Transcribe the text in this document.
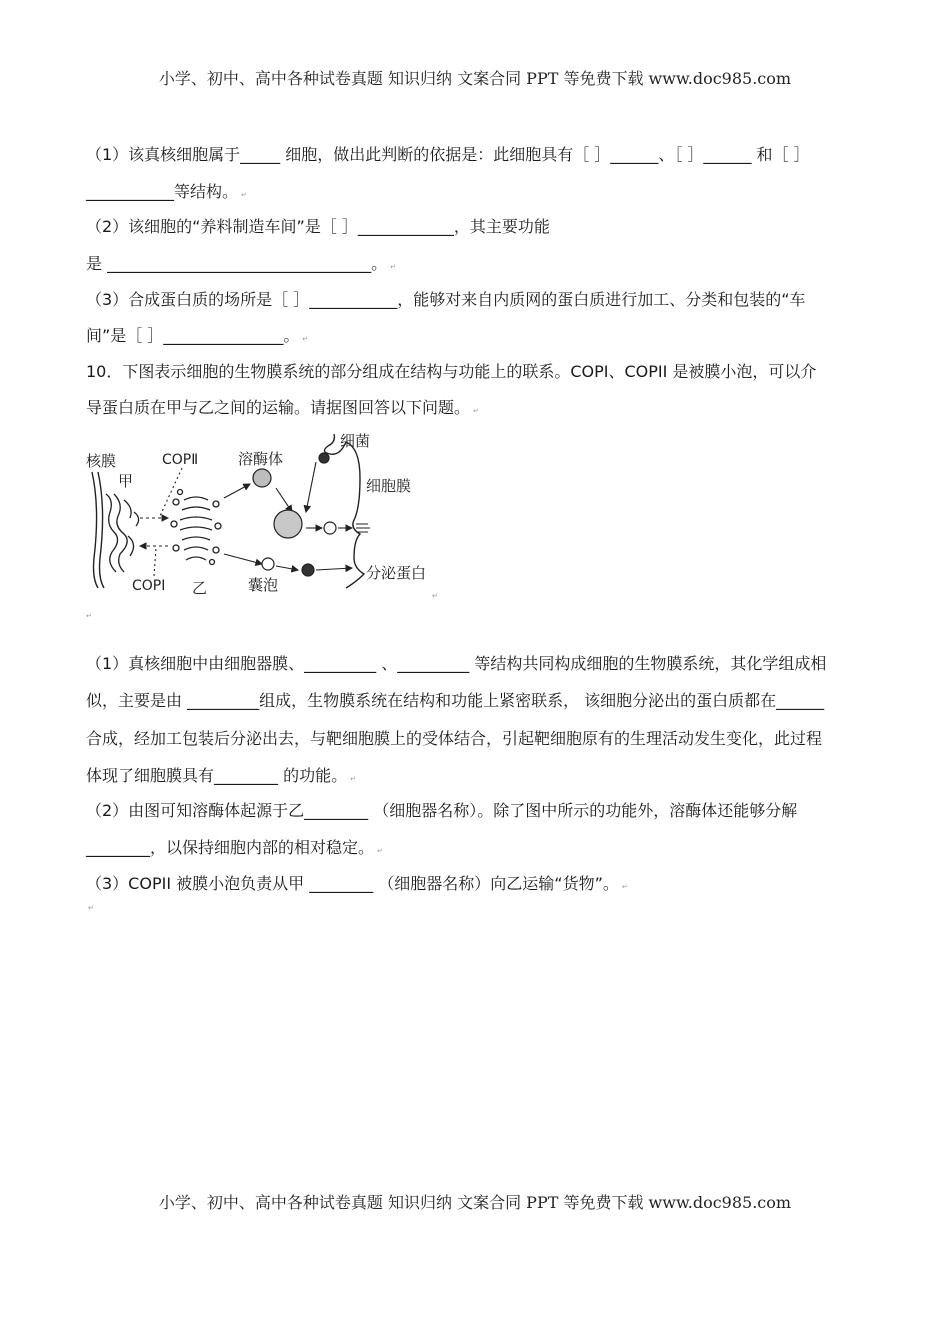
小学、初中、高中各种试卷真题 知识归纳 文案合同 PPT 等免费下载 www.doc985.com
（1）该真核细胞属于_____ 细胞，做出此判断的依据是：此细胞具有［ ］______、［ ］______ 和［ ］
___________等结构。 ↵
（2）该细胞的“养料制造车间”是［ ］____________，其主要功能
是 _________________________________。 ↵
（3）合成蛋白质的场所是［ ］___________，能够对来自内质网的蛋白质进行加工、分类和包装的“车
间”是［ ］_______________。 ↵
10．下图表示细胞的生物膜系统的部分组成在结构与功能上的联系。COPI、COPII 是被膜小泡，可以介
导蛋白质在甲与乙之间的运输。请据图回答以下问题。 ↵
核膜
甲
COPⅡ
COPⅠ 乙
溶酶体
细菌
细胞膜
囊泡
分泌蛋白
↵
↵
（1）真核细胞中由细胞器膜、_________ 、_________ 等结构共同构成细胞的生物膜系统，其化学组成相
似，主要是由 _________组成，生物膜系统在结构和功能上紧密联系， 该细胞分泌出的蛋白质都在______
合成，经加工包装后分泌出去，与靶细胞膜上的受体结合，引起靶细胞原有的生理活动发生变化，此过程
体现了细胞膜具有________ 的功能。 ↵
（2）由图可知溶酶体起源于乙________ （细胞器名称）。除了图中所示的功能外，溶酶体还能够分解
________，以保持细胞内部的相对稳定。 ↵
（3）COPII 被膜小泡负责从甲 ________ （细胞器名称）向乙运输“货物”。 ↵
↵
小学、初中、高中各种试卷真题 知识归纳 文案合同 PPT 等免费下载 www.doc985.com
